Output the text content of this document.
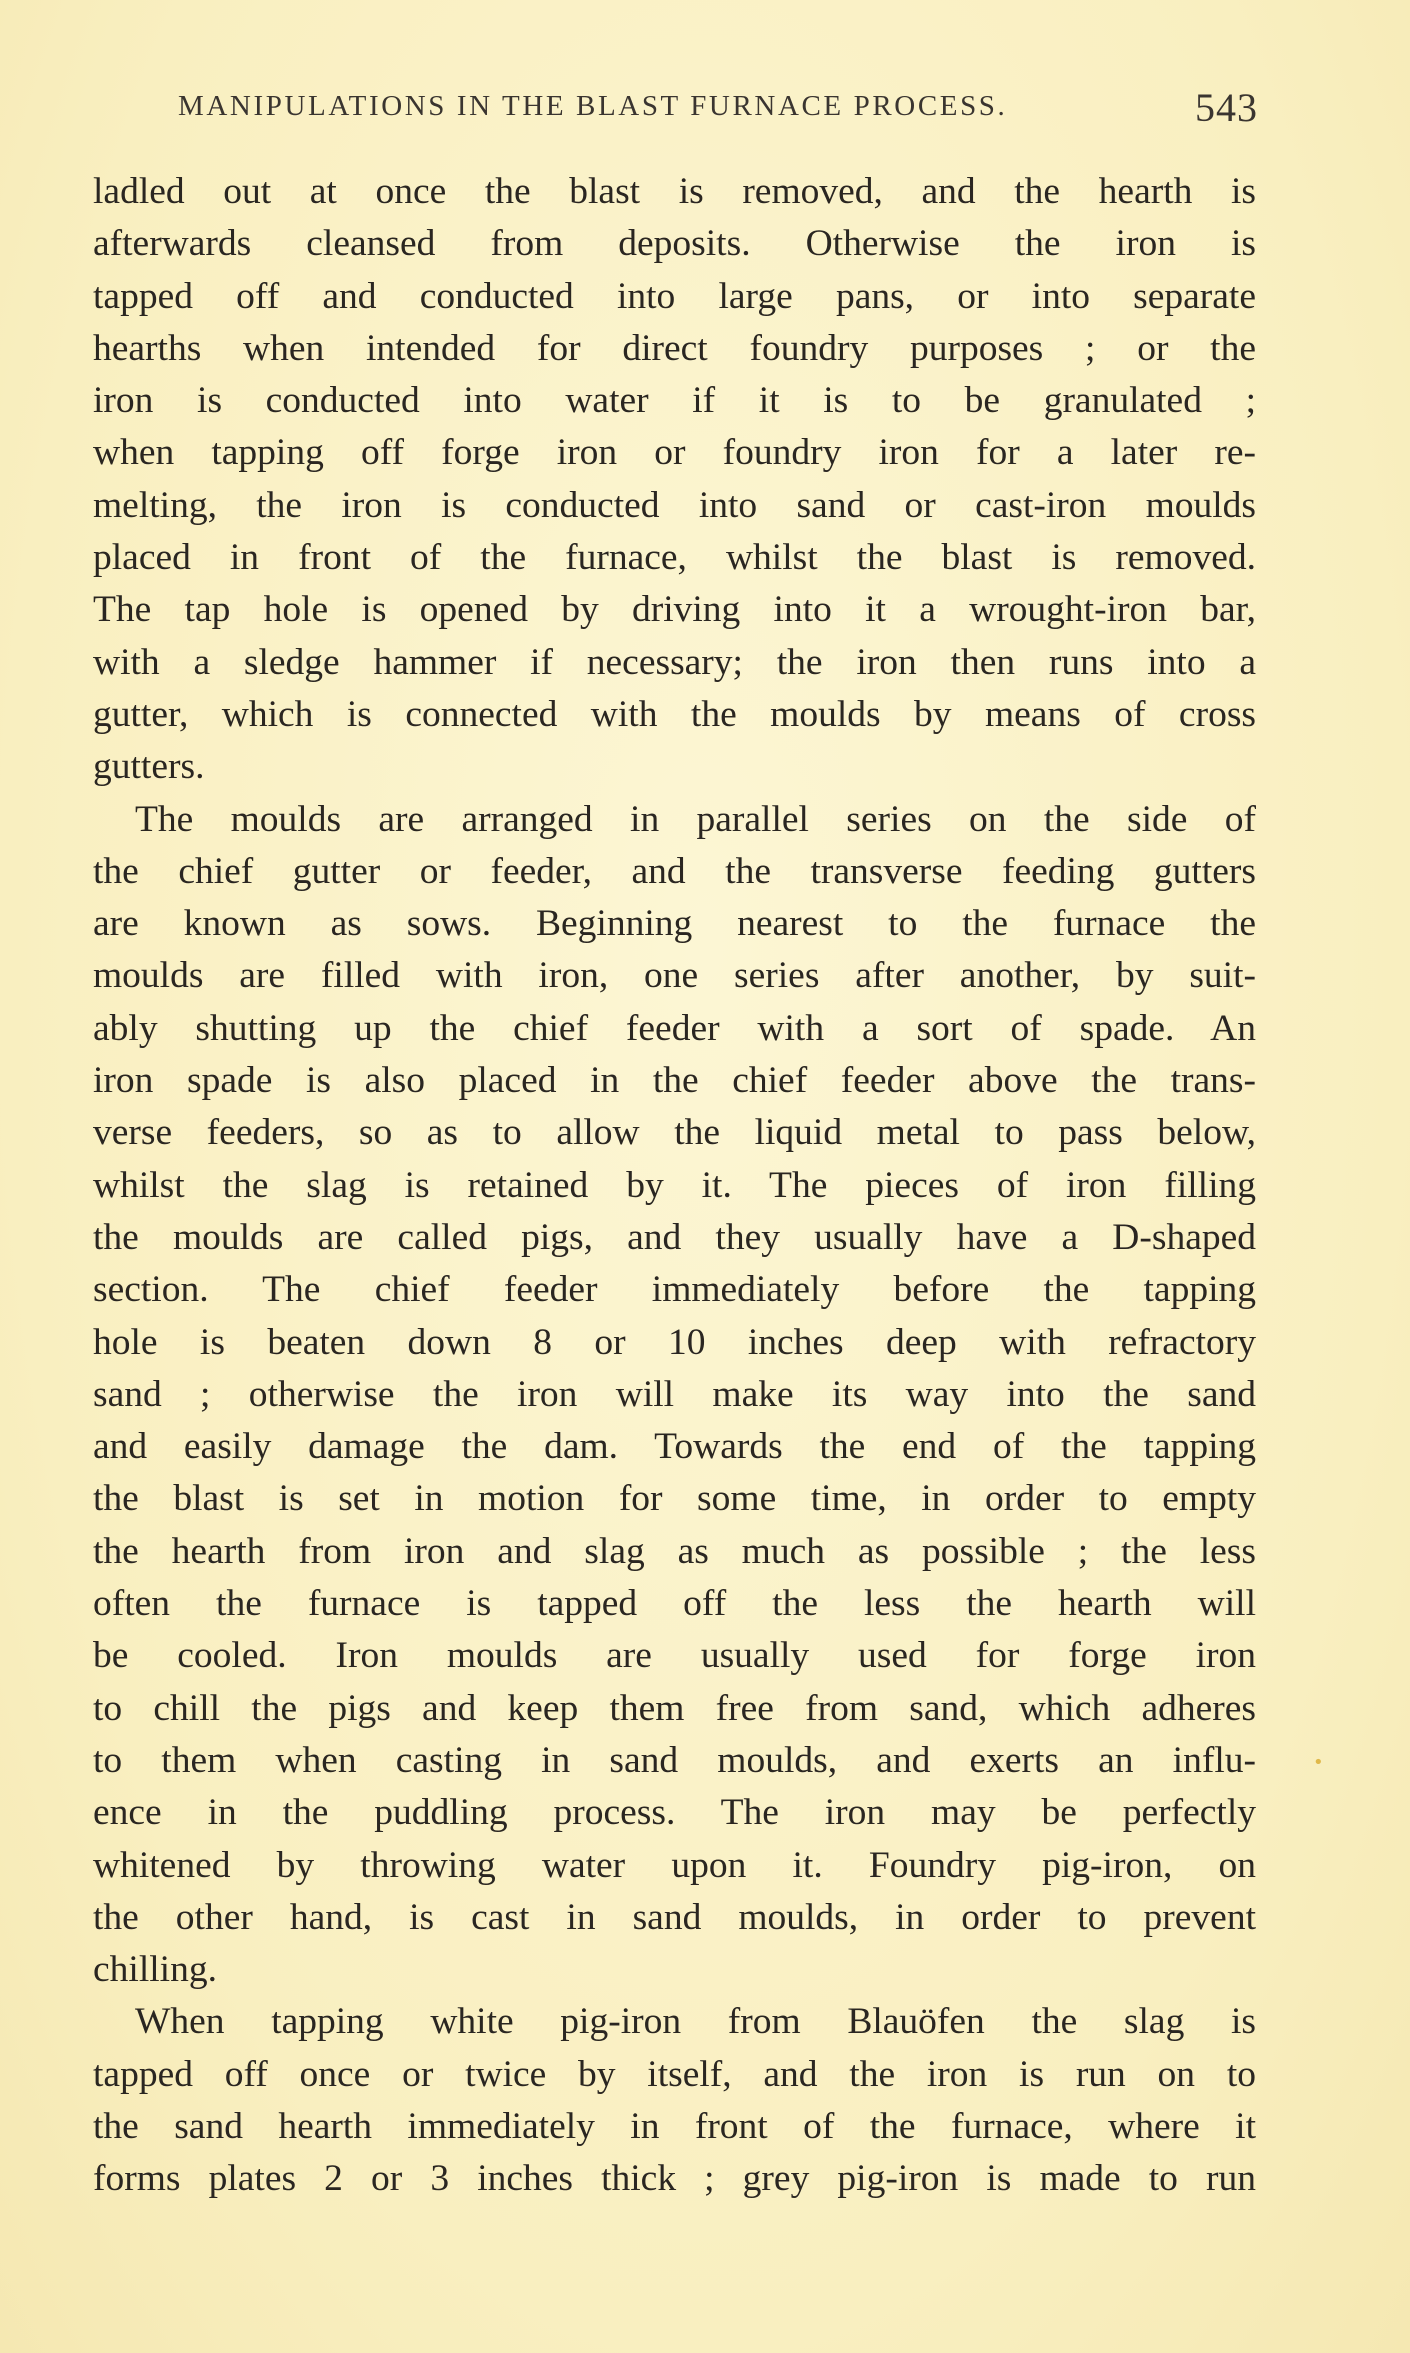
MANIPULATIONS IN THE BLAST FURNACE PROCESS.	543
ladled out at once the blast is removed, and the hearth is
afterwards cleansed from deposits. Otherwise the iron is
tapped off and conducted into large pans, or into separate
hearths when intended for direct foundry purposes ; or the
iron is conducted into water if it is to be granulated ;
when tapping off forge iron or foundry iron for a later re-
melting, the iron is conducted into sand or cast-iron moulds
placed in front of the furnace, whilst the blast is removed.
The tap hole is opened by driving into it a wrought-iron bar,
with a sledge hammer if necessary; the iron then runs into a
gutter, which is connected with the moulds by means of cross
gutters.
The moulds are arranged in parallel series on the side of
the chief gutter or feeder, and the transverse feeding gutters
are known as sows. Beginning nearest to the furnace the
moulds are filled with iron, one series after another, by suit-
ably shutting up the chief feeder with a sort of spade. An
iron spade is also placed in the chief feeder above the trans-
verse feeders, so as to allow the liquid metal to pass below,
whilst the slag is retained by it. The pieces of iron filling
the moulds are called pigs, and they usually have a D-shaped
section. The chief feeder immediately before the tapping
hole is beaten down 8 or 10 inches deep with refractory
sand ; otherwise the iron will make its way into the sand
and easily damage the dam. Towards the end of the tapping
the blast is set in motion for some time, in order to empty
the hearth from iron and slag as much as possible ; the less
often the furnace is tapped off the less the hearth will
be cooled. Iron moulds are usually used for forge iron
to chill the pigs and keep them free from sand, which adheres
to them when casting in sand moulds, and exerts an influ-
ence in the puddling process. The iron may be perfectly
whitened by throwing water upon it. Foundry pig-iron, on
the other hand, is cast in sand moulds, in order to prevent
chilling.
When tapping white pig-iron from Blauöfen the slag is
tapped off once or twice by itself, and the iron is run on to
the sand hearth immediately in front of the furnace, where it
forms plates 2 or 3 inches thick ; grey pig-iron is made to run
•
